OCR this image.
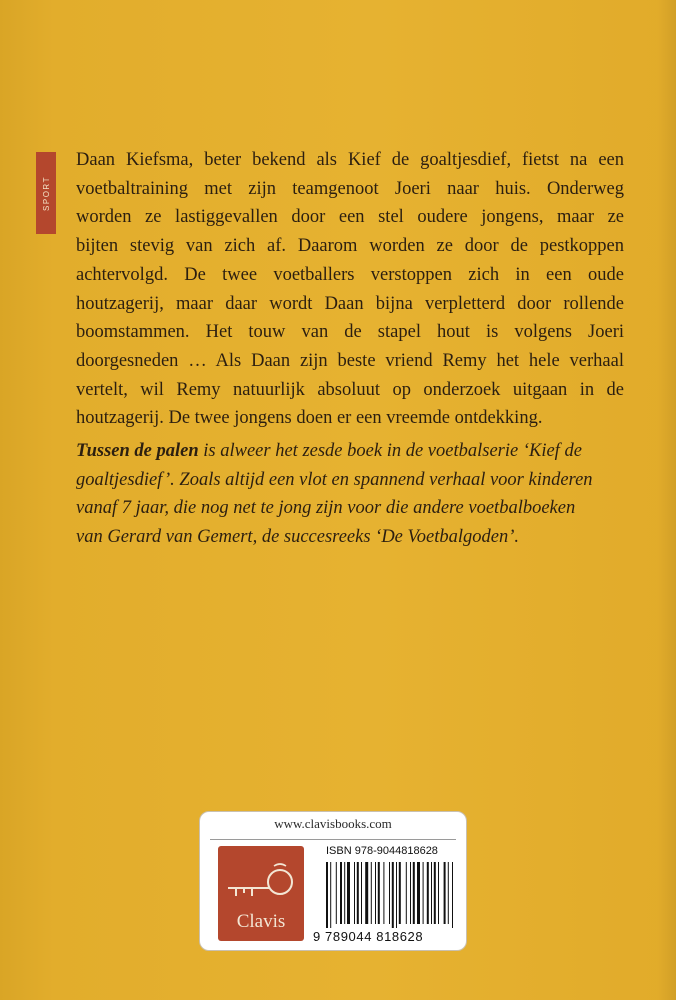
SPORT
Daan Kiefsma, beter bekend als Kief de goaltjesdief, fietst na een
voetbaltraining met zijn teamgenoot Joeri naar huis. Onderweg
worden ze lastiggevallen door een stel oudere jongens, maar ze
bijten stevig van zich af. Daarom worden ze door de pestkoppen
achtervolgd. De twee voetballers verstoppen zich in een oude
houtzagerij, maar daar wordt Daan bijna verpletterd door rollende
boomstammen. Het touw van de stapel hout is volgens Joeri
doorgesneden … Als Daan zijn beste vriend Remy het hele verhaal
vertelt, wil Remy natuurlijk absoluut op onderzoek uitgaan in de
houtzagerij. De twee jongens doen er een vreemde ontdekking.
Tussen de palen is alweer het zesde boek in de voetbalserie ‘Kief de
goaltjesdief’. Zoals altijd een vlot en spannend verhaal voor kinderen
vanaf 7 jaar, die nog net te jong zijn voor die andere voetbalboeken
van Gerard van Gemert, de succesreeks ‘De Voetbalgoden’.
www.clavisbooks.com
Clavis
ISBN 978-9044818628
9 789044 818628
